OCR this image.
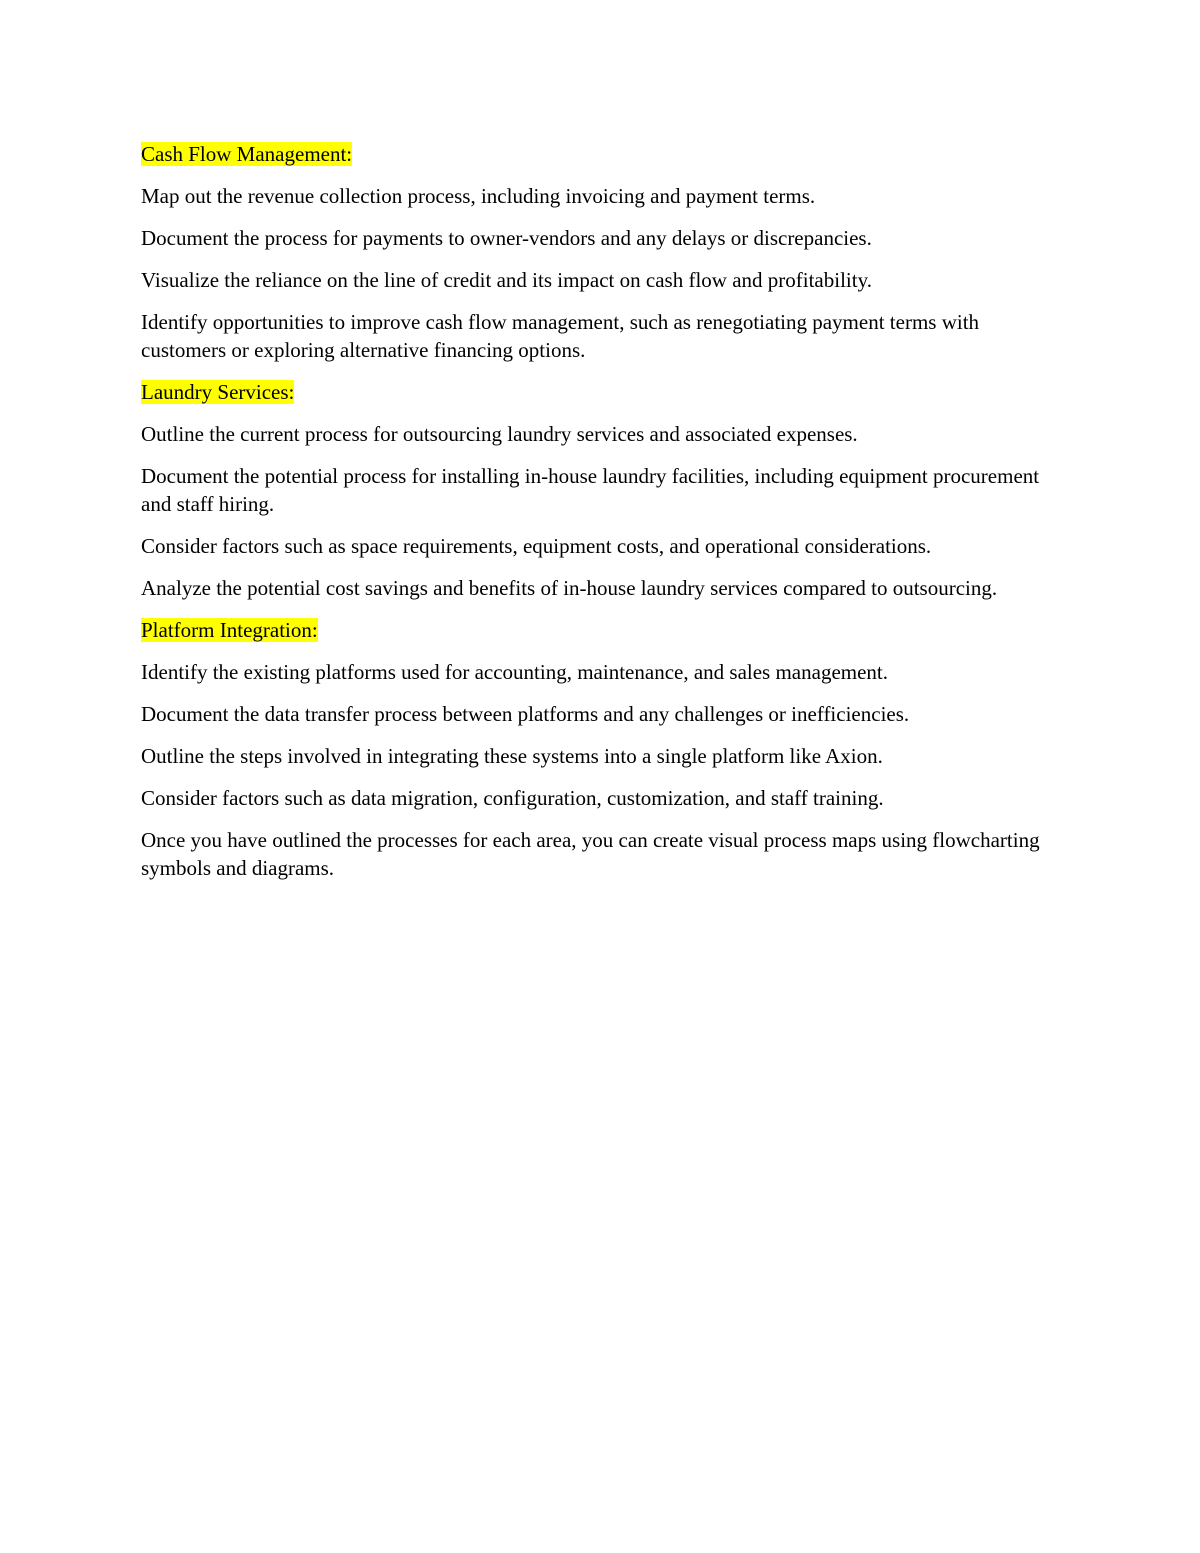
Cash Flow Management:

Map out the revenue collection process, including invoicing and payment terms.

Document the process for payments to owner-vendors and any delays or discrepancies.

Visualize the reliance on the line of credit and its impact on cash flow and profitability.

Identify opportunities to improve cash flow management, such as renegotiating payment terms with customers or exploring alternative financing options.

Laundry Services:

Outline the current process for outsourcing laundry services and associated expenses.

Document the potential process for installing in-house laundry facilities, including equipment procurement and staff hiring.

Consider factors such as space requirements, equipment costs, and operational considerations.

Analyze the potential cost savings and benefits of in-house laundry services compared to outsourcing.

Platform Integration:

Identify the existing platforms used for accounting, maintenance, and sales management.

Document the data transfer process between platforms and any challenges or inefficiencies.

Outline the steps involved in integrating these systems into a single platform like Axion.

Consider factors such as data migration, configuration, customization, and staff training.

Once you have outlined the processes for each area, you can create visual process maps using flowcharting symbols and diagrams.
